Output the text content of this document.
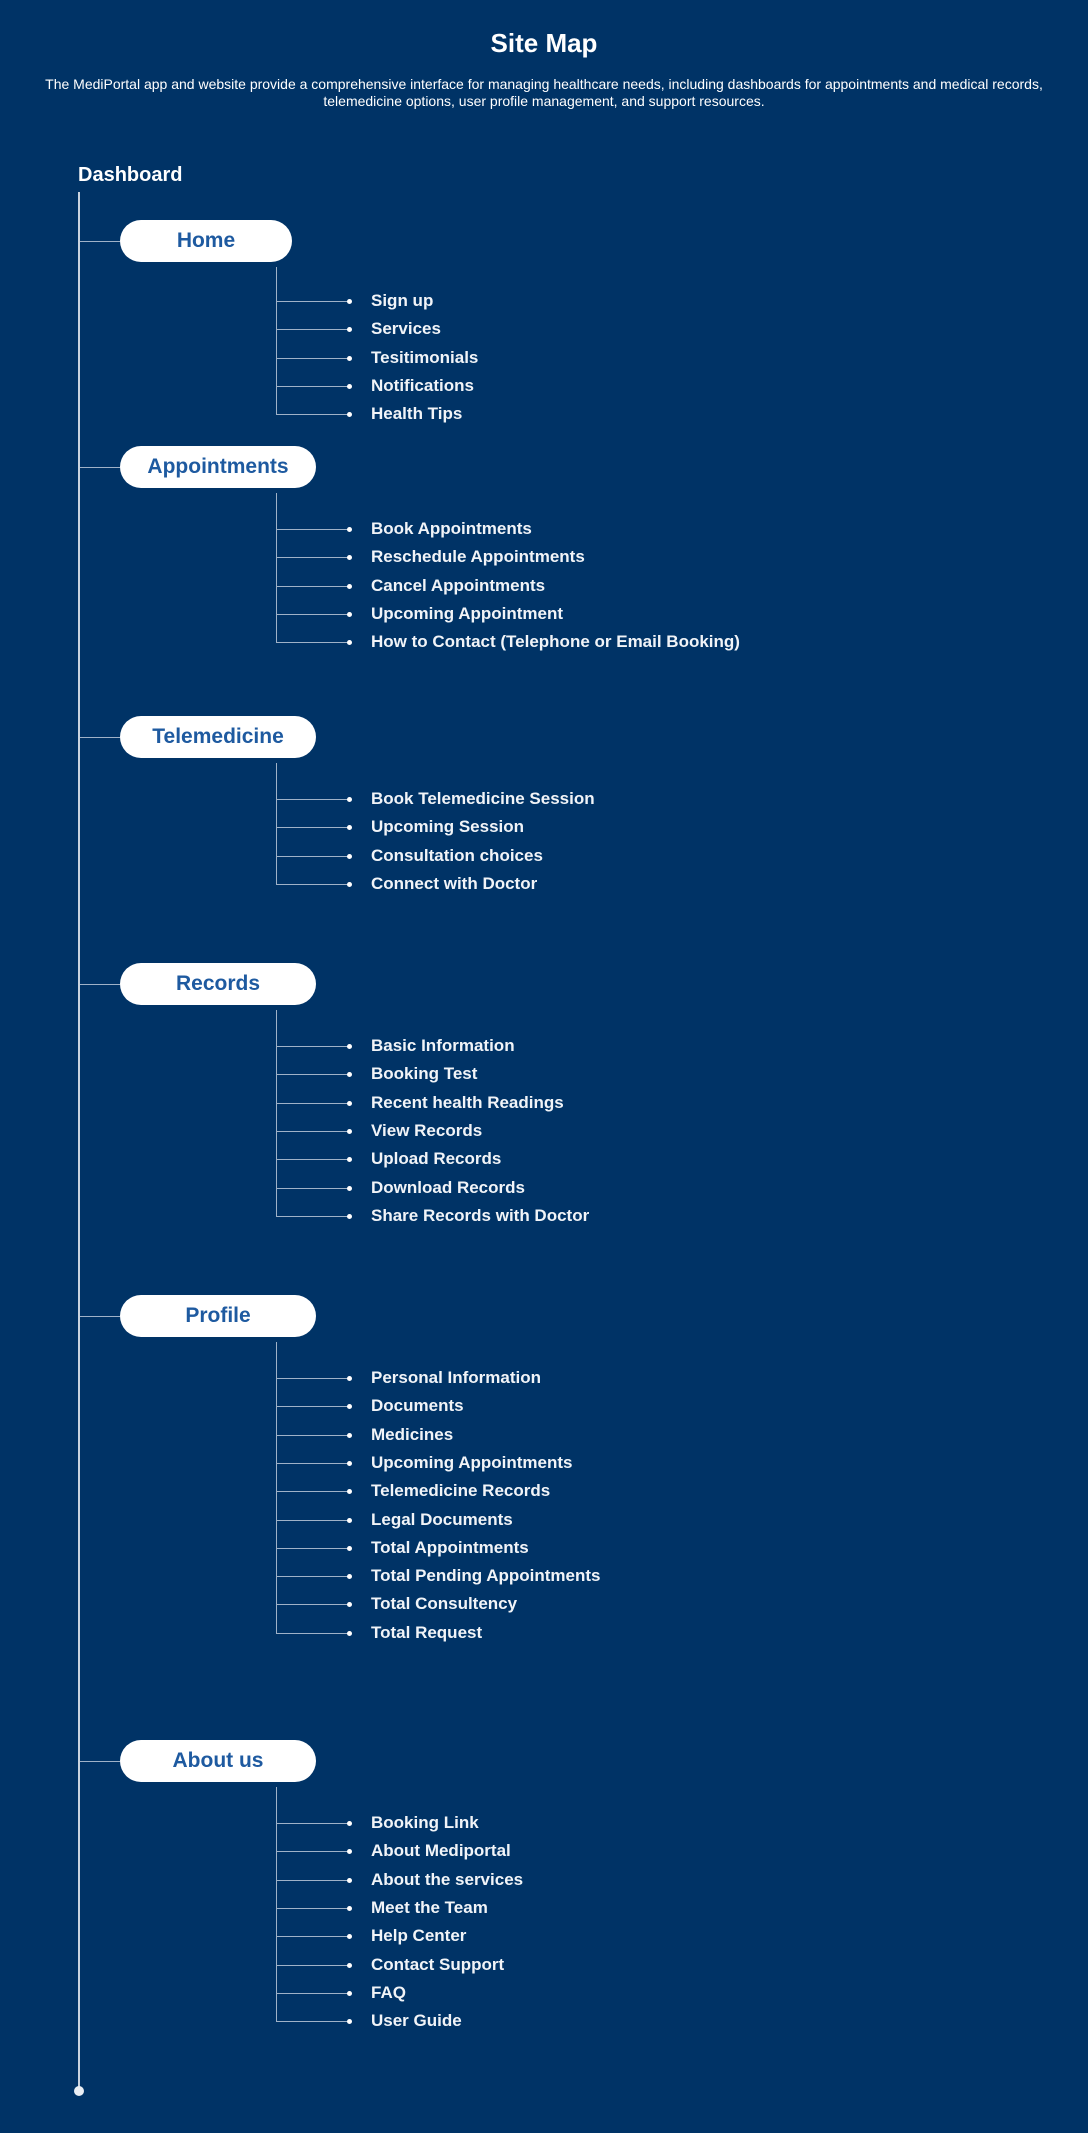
Site Map

The MediPortal app and website provide a comprehensive interface for managing healthcare needs, including dashboards for appointments and medical records, telemedicine options, user profile management, and support resources.

Dashboard
Home
Sign up
Services
Tesitimonials
Notifications
Health Tips
Appointments
Book Appointments
Reschedule Appointments
Cancel Appointments
Upcoming Appointment
How to Contact (Telephone or Email Booking)
Telemedicine
Book Telemedicine Session
Upcoming Session
Consultation choices
Connect with Doctor
Records
Basic Information
Booking Test
Recent health Readings
View Records
Upload Records
Download Records
Share Records with Doctor
Profile
Personal Information
Documents
Medicines
Upcoming Appointments
Telemedicine Records
Legal Documents
Total Appointments
Total Pending Appointments
Total Consultency
Total Request
About us
Booking Link
About Mediportal
About the services
Meet the Team
Help Center
Contact Support
FAQ
User Guide
